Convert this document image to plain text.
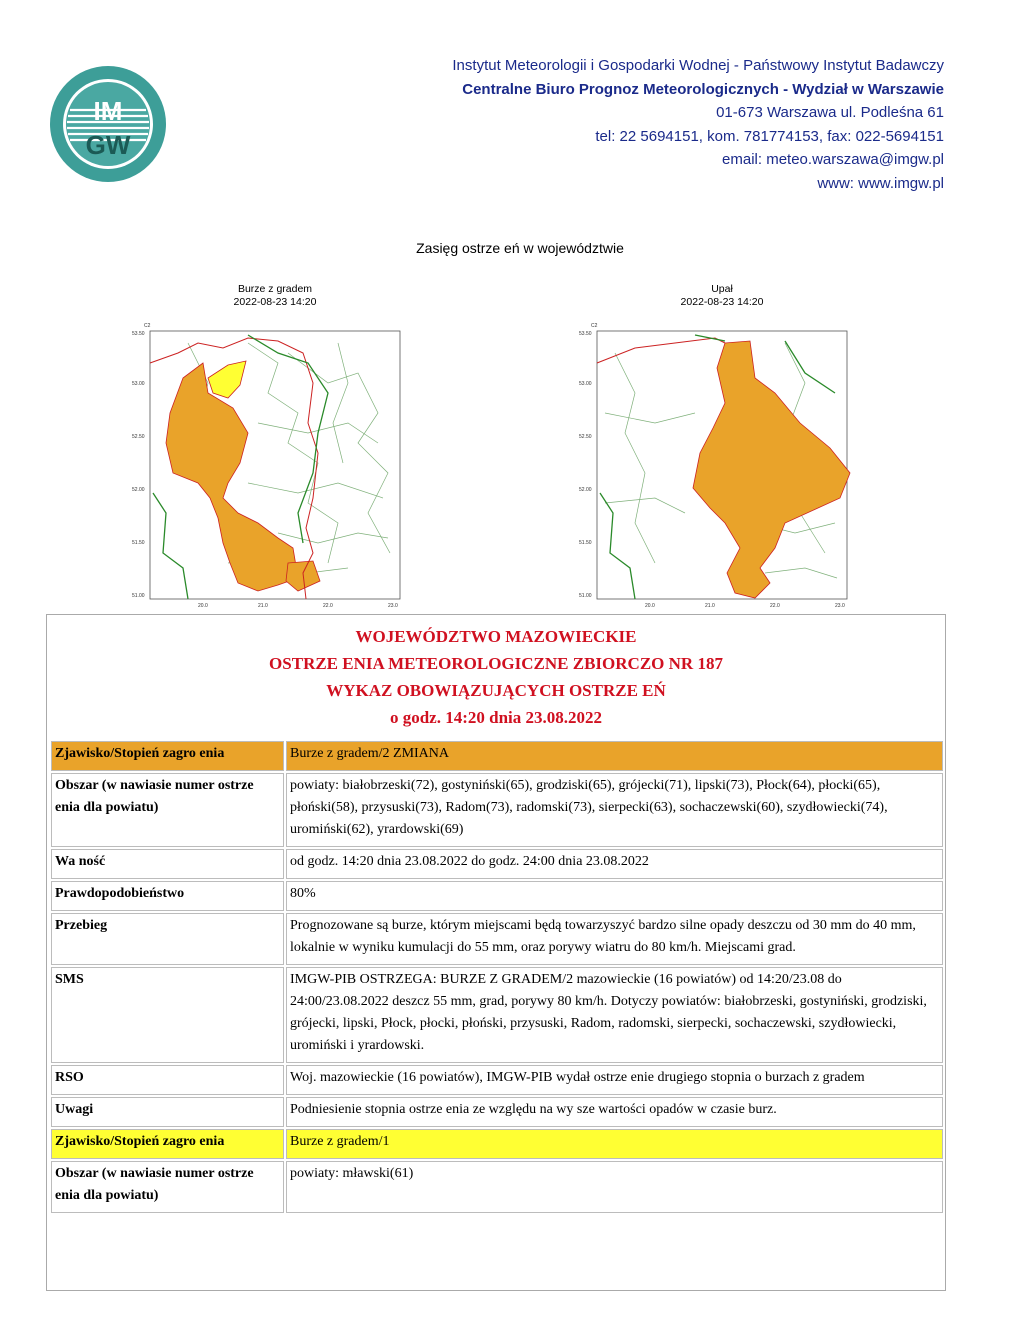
IM
GW
Instytut Meteorologii i Gospodarki Wodnej - Państwowy Instytut Badawczy
Centralne Biuro Prognoz Meteorologicznych - Wydział w Warszawie
01-673 Warszawa ul. Podleśna 61
tel: 22 5694151, kom. 781774153, fax: 022-5694151
email: meteo.warszawa@imgw.pl
www: www.imgw.pl
Zasięg ostrze eń w województwie
Burze z gradem
2022-08-23 14:20
53.50
53.00
52.50
52.00
51.50
51.00
20.0	21.0	22.0	23.0
C2
Upał
2022-08-23 14:20
53.50
53.00
52.50
52.00
51.50
51.00
20.0	21.0	22.0	23.0
C2
WOJEWÓDZTWO MAZOWIECKIE
OSTRZE ENIA METEOROLOGICZNE ZBIORCZO NR 187
WYKAZ OBOWIĄZUJĄCYCH OSTRZE EŃ
o godz. 14:20 dnia 23.08.2022
Zjawisko/Stopień zagro enia	Burze z gradem/2 ZMIANA
Obszar (w nawiasie numer ostrze enia dla powiatu)	powiaty: białobrzeski(72), gostyniński(65), grodziski(65), grójecki(71), lipski(73), Płock(64), płocki(65), płoński(58), przysuski(73), Radom(73), radomski(73), sierpecki(63), sochaczewski(60), szydłowiecki(74), uromiński(62), yrardowski(69)
Wa ność	od godz. 14:20 dnia 23.08.2022 do godz. 24:00 dnia 23.08.2022
Prawdopodobieństwo	80%
Przebieg	Prognozowane są burze, którym miejscami będą towarzyszyć bardzo silne opady deszczu od 30 mm do 40 mm, lokalnie w wyniku kumulacji do 55 mm, oraz porywy wiatru do 80 km/h. Miejscami grad.
SMS	IMGW-PIB OSTRZEGA: BURZE Z GRADEM/2 mazowieckie (16 powiatów) od 14:20/23.08 do 24:00/23.08.2022 deszcz 55 mm, grad, porywy 80 km/h. Dotyczy powiatów: białobrzeski, gostyniński, grodziski, grójecki, lipski, Płock, płocki, płoński, przysuski, Radom, radomski, sierpecki, sochaczewski, szydłowiecki, uromiński i yrardowski.
RSO	Woj. mazowieckie (16 powiatów), IMGW-PIB wydał ostrze enie drugiego stopnia o burzach z gradem
Uwagi	Podniesienie stopnia ostrze enia ze względu na wy sze wartości opadów w czasie burz.
Zjawisko/Stopień zagro enia	Burze z gradem/1
Obszar (w nawiasie numer ostrze enia dla powiatu)	powiaty: mławski(61)
